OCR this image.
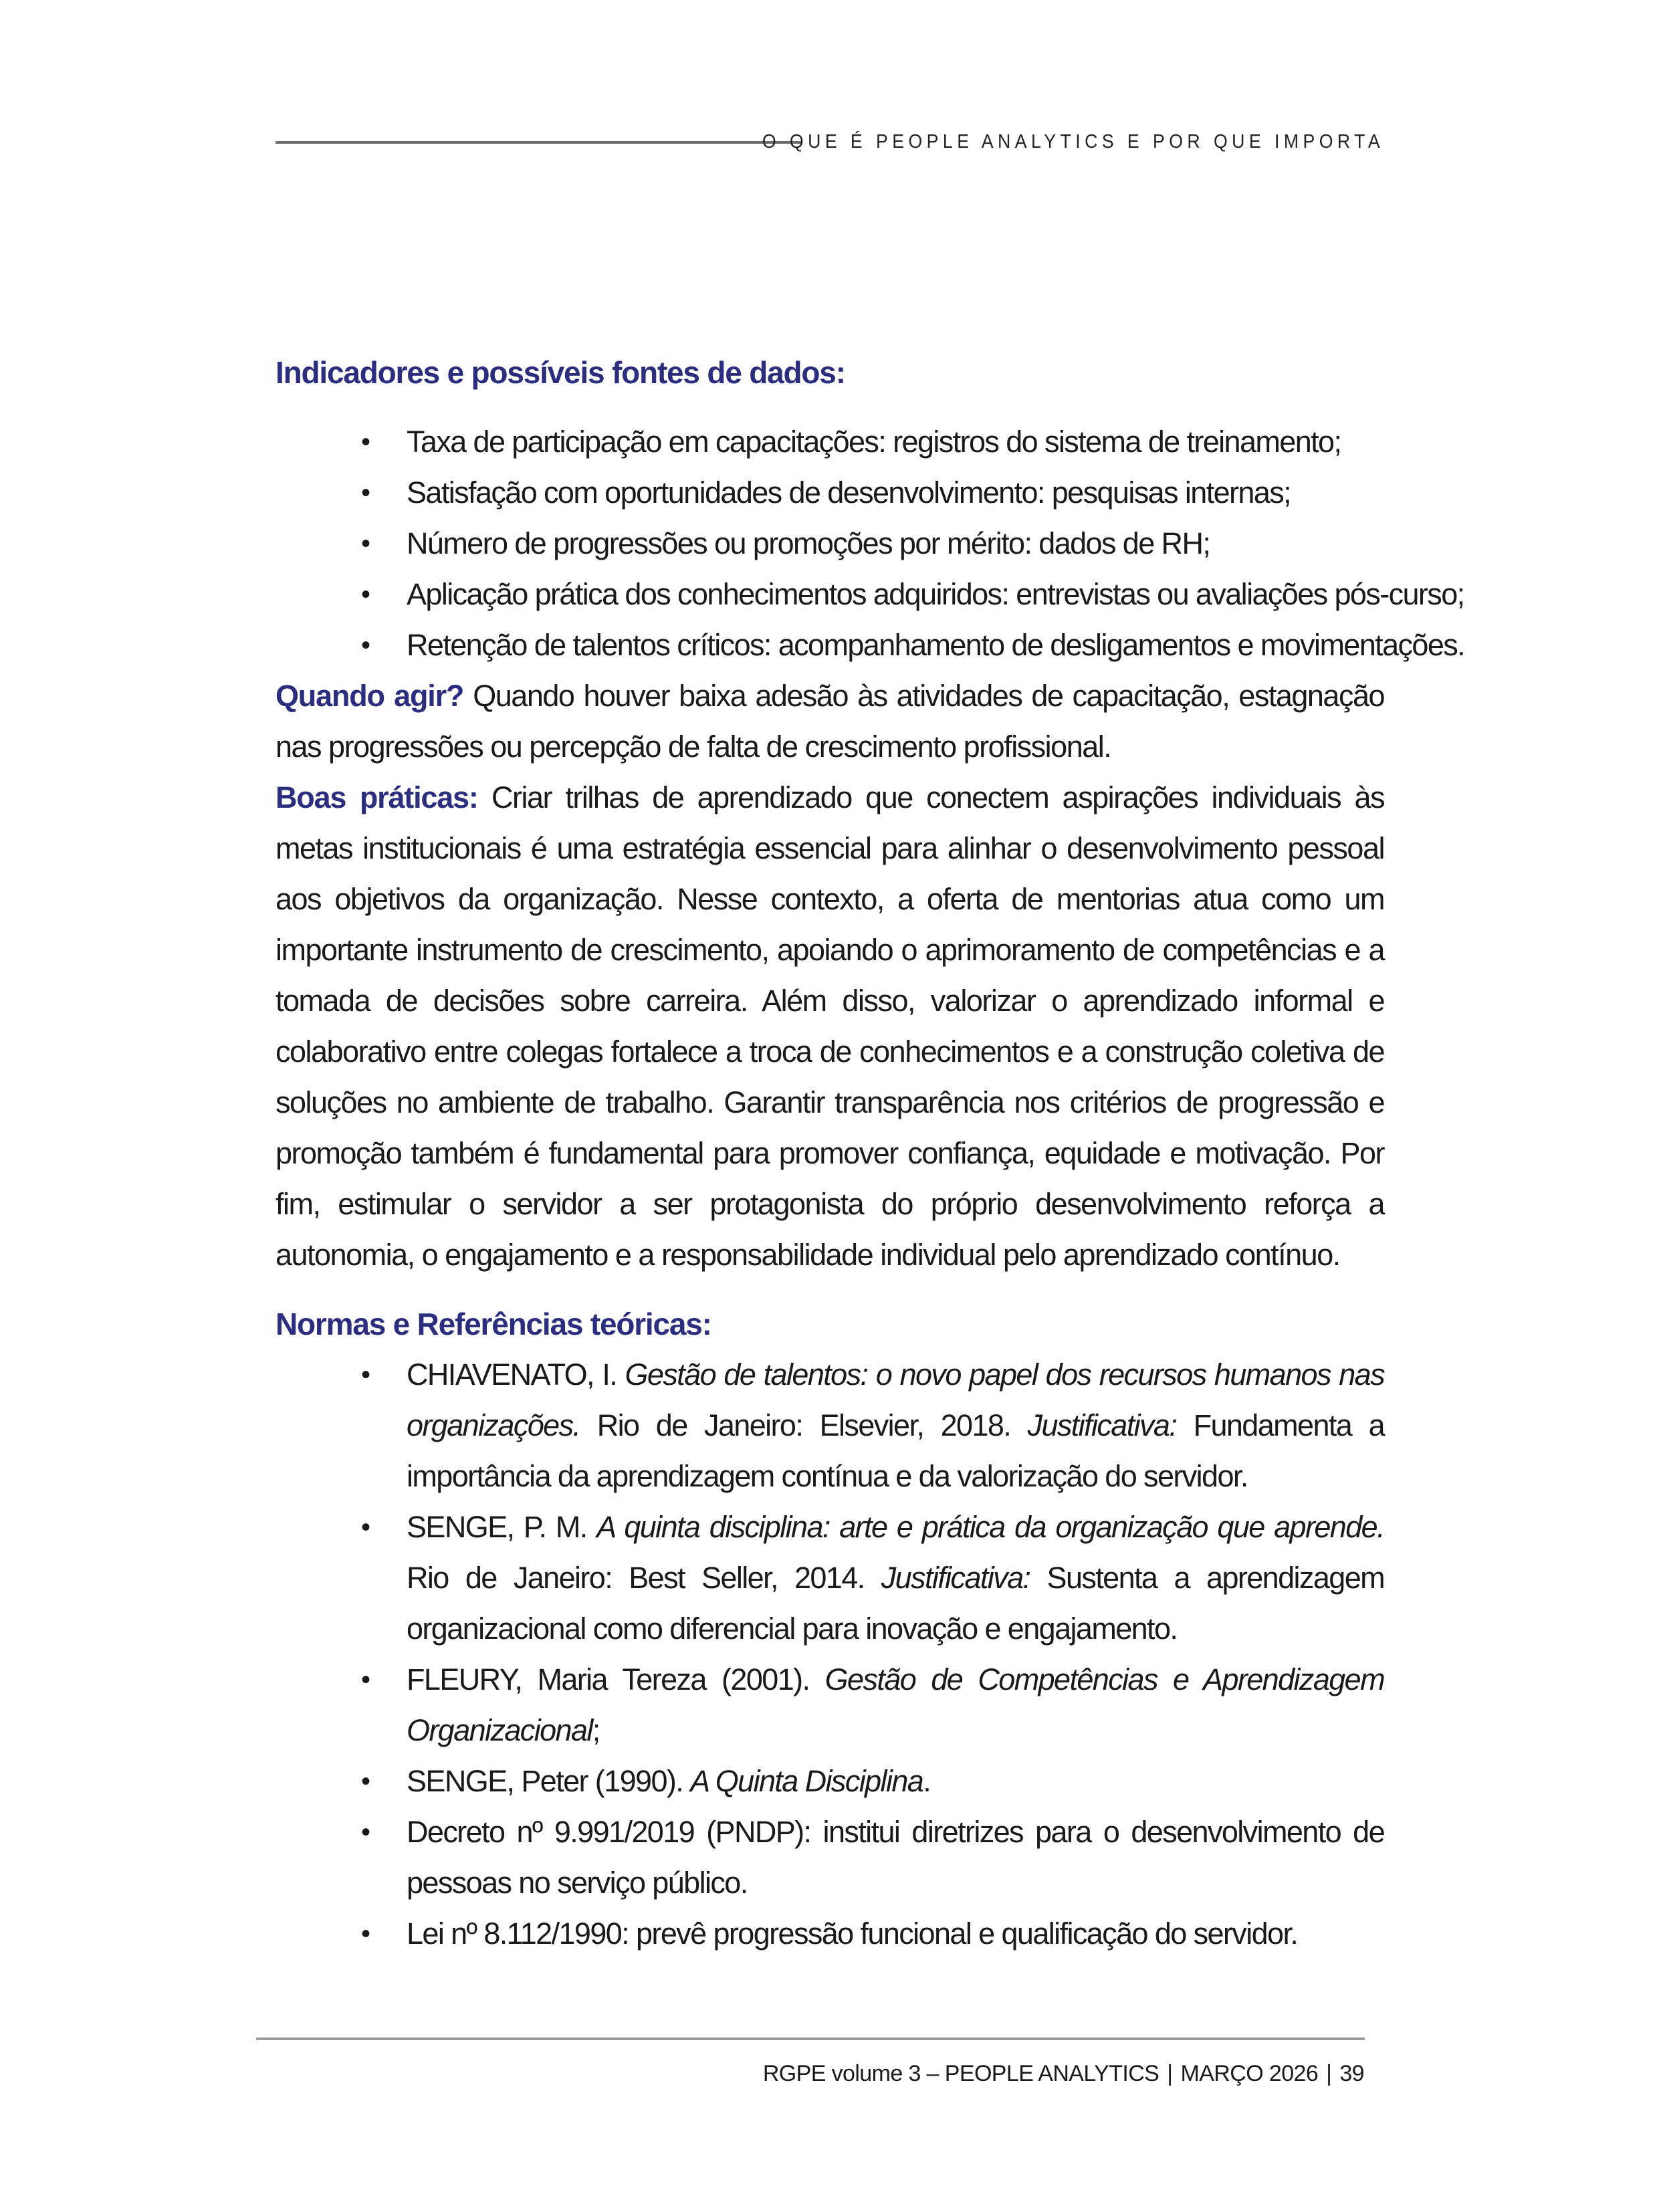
O QUE É PEOPLE ANALYTICS E POR QUE IMPORTA
Indicadores e possíveis fontes de dados:
• Taxa de participação em capacitações: registros do sistema de treinamento;
• Satisfação com oportunidades de desenvolvimento: pesquisas internas;
• Número de progressões ou promoções por mérito: dados de RH;
• Aplicação prática dos conhecimentos adquiridos: entrevistas ou avaliações pós-curso;
• Retenção de talentos críticos: acompanhamento de desligamentos e movimentações.

Quando agir? Quando houver baixa adesão às atividades de capacitação, estagnação nas progressões ou percepção de falta de crescimento profissional.

Boas práticas: Criar trilhas de aprendizado que conectem aspirações individuais às metas institucionais é uma estratégia essencial para alinhar o desenvolvimento pessoal aos objetivos da organização. Nesse contexto, a oferta de mentorias atua como um importante instrumento de crescimento, apoiando o aprimoramento de competências e a tomada de decisões sobre carreira. Além disso, valorizar o aprendizado informal e colaborativo entre colegas fortalece a troca de conhecimentos e a construção coletiva de soluções no ambiente de trabalho. Garantir transparência nos critérios de progressão e promoção também é fundamental para promover confiança, equidade e motivação. Por fim, estimular o servidor a ser protagonista do próprio desenvolvimento reforça a autonomia, o engajamento e a responsabilidade individual pelo aprendizado contínuo.

Normas e Referências teóricas:
• CHIAVENATO, I. Gestão de talentos: o novo papel dos recursos humanos nas organizações. Rio de Janeiro: Elsevier, 2018. Justificativa: Fundamenta a importância da aprendizagem contínua e da valorização do servidor.
• SENGE, P. M. A quinta disciplina: arte e prática da organização que aprende. Rio de Janeiro: Best Seller, 2014. Justificativa: Sustenta a aprendizagem organizacional como diferencial para inovação e engajamento.
• FLEURY, Maria Tereza (2001). Gestão de Competências e Aprendizagem Organizacional;
• SENGE, Peter (1990). A Quinta Disciplina.
• Decreto nº 9.991/2019 (PNDP): institui diretrizes para o desenvolvimento de pessoas no serviço público.
• Lei nº 8.112/1990: prevê progressão funcional e qualificação do servidor.
RGPE volume 3 – PEOPLE ANALYTICS | MARÇO 2026 | 39
